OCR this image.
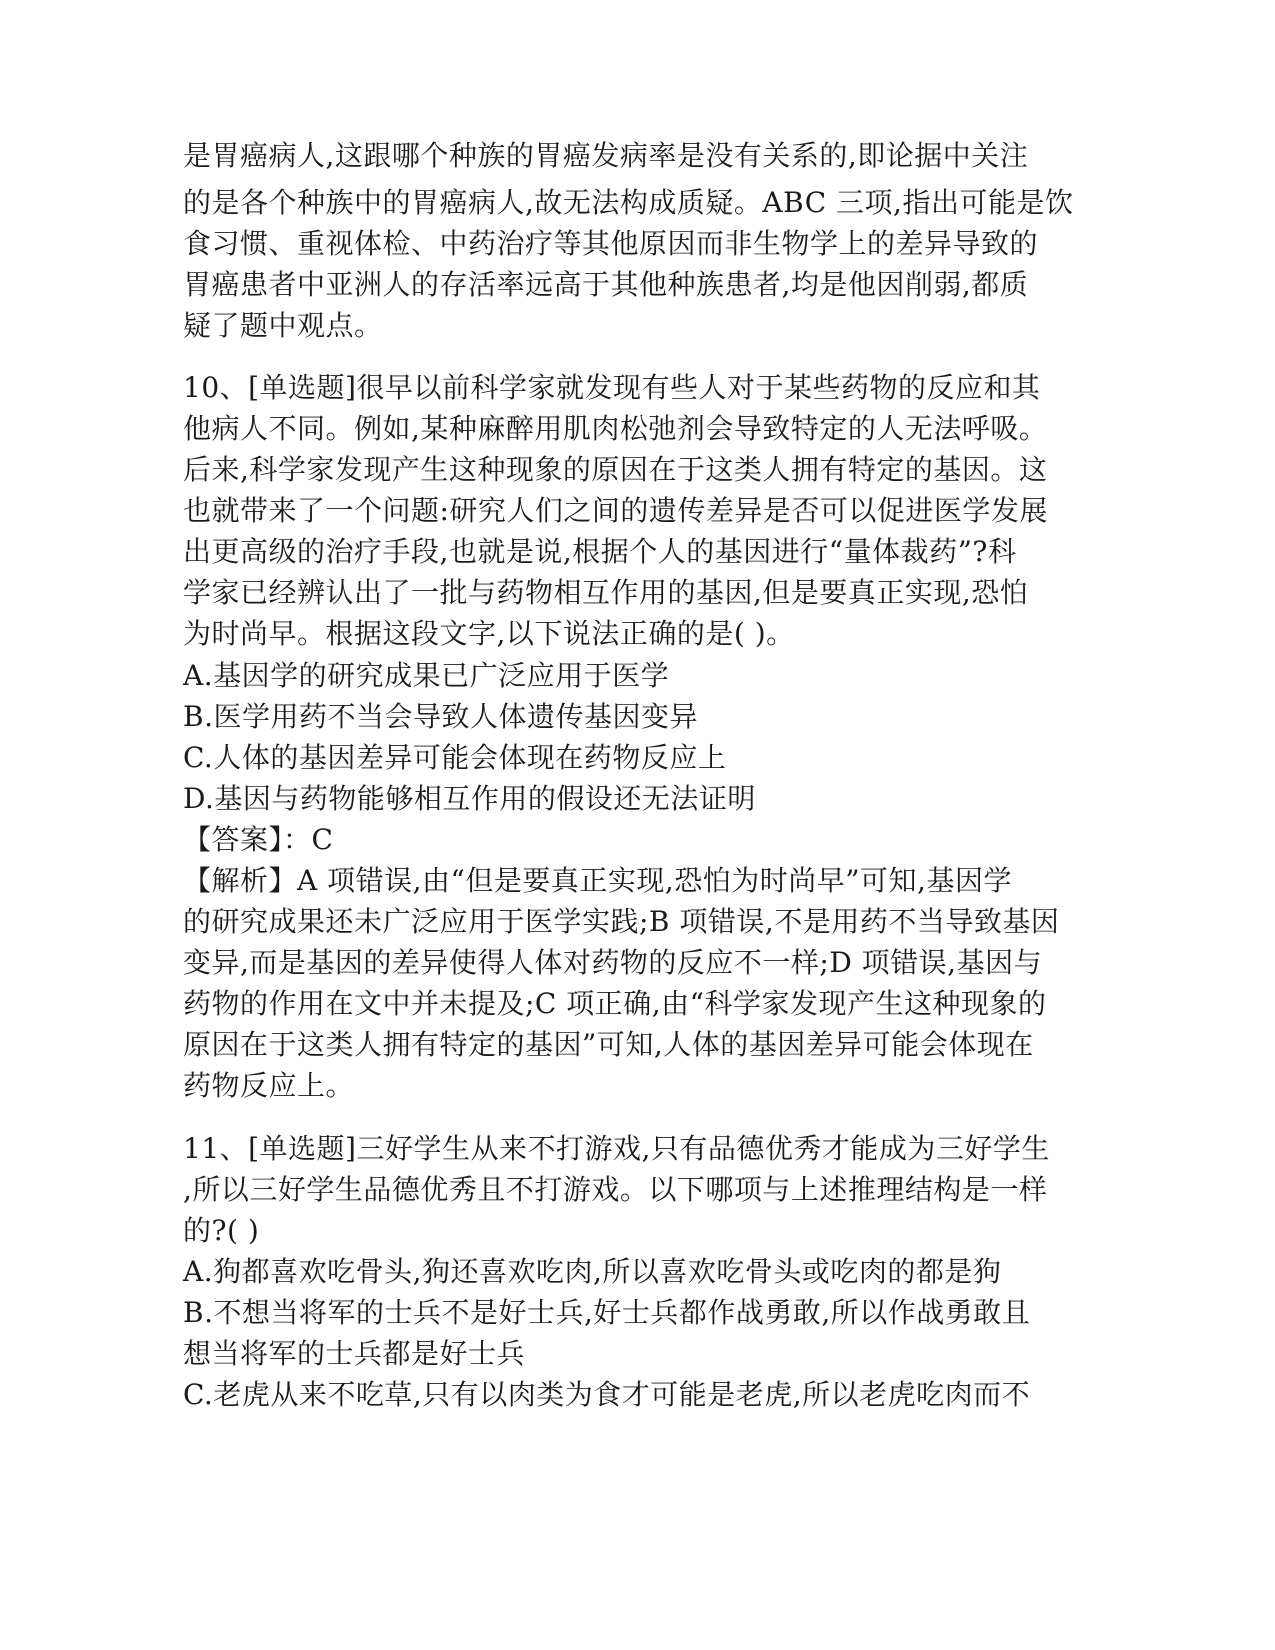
是胃癌病人,这跟哪个种族的胃癌发病率是没有关系的,即论据中关注
的是各个种族中的胃癌病人,故无法构成质疑。ABC 三项,指出可能是饮
食习惯、重视体检、中药治疗等其他原因而非生物学上的差异导致的
胃癌患者中亚洲人的存活率远高于其他种族患者,均是他因削弱,都质
疑了题中观点。
10、[单选题]很早以前科学家就发现有些人对于某些药物的反应和其
他病人不同。例如,某种麻醉用肌肉松弛剂会导致特定的人无法呼吸。
后来,科学家发现产生这种现象的原因在于这类人拥有特定的基因。这
也就带来了一个问题:研究人们之间的遗传差异是否可以促进医学发展
出更高级的治疗手段,也就是说,根据个人的基因进行“量体裁药”?科
学家已经辨认出了一批与药物相互作用的基因,但是要真正实现,恐怕
为时尚早。根据这段文字,以下说法正确的是( )。
A.基因学的研究成果已广泛应用于医学
B.医学用药不当会导致人体遗传基因变异
C.人体的基因差异可能会体现在药物反应上
D.基因与药物能够相互作用的假设还无法证明
【答案】：C
【解析】A 项错误,由“但是要真正实现,恐怕为时尚早”可知,基因学
的研究成果还未广泛应用于医学实践;B 项错误,不是用药不当导致基因
变异,而是基因的差异使得人体对药物的反应不一样;D 项错误,基因与
药物的作用在文中并未提及;C 项正确,由“科学家发现产生这种现象的
原因在于这类人拥有特定的基因”可知,人体的基因差异可能会体现在
药物反应上。
11、[单选题]三好学生从来不打游戏,只有品德优秀才能成为三好学生
,所以三好学生品德优秀且不打游戏。以下哪项与上述推理结构是一样
的?( )
A.狗都喜欢吃骨头,狗还喜欢吃肉,所以喜欢吃骨头或吃肉的都是狗
B.不想当将军的士兵不是好士兵,好士兵都作战勇敢,所以作战勇敢且
想当将军的士兵都是好士兵
C.老虎从来不吃草,只有以肉类为食才可能是老虎,所以老虎吃肉而不
